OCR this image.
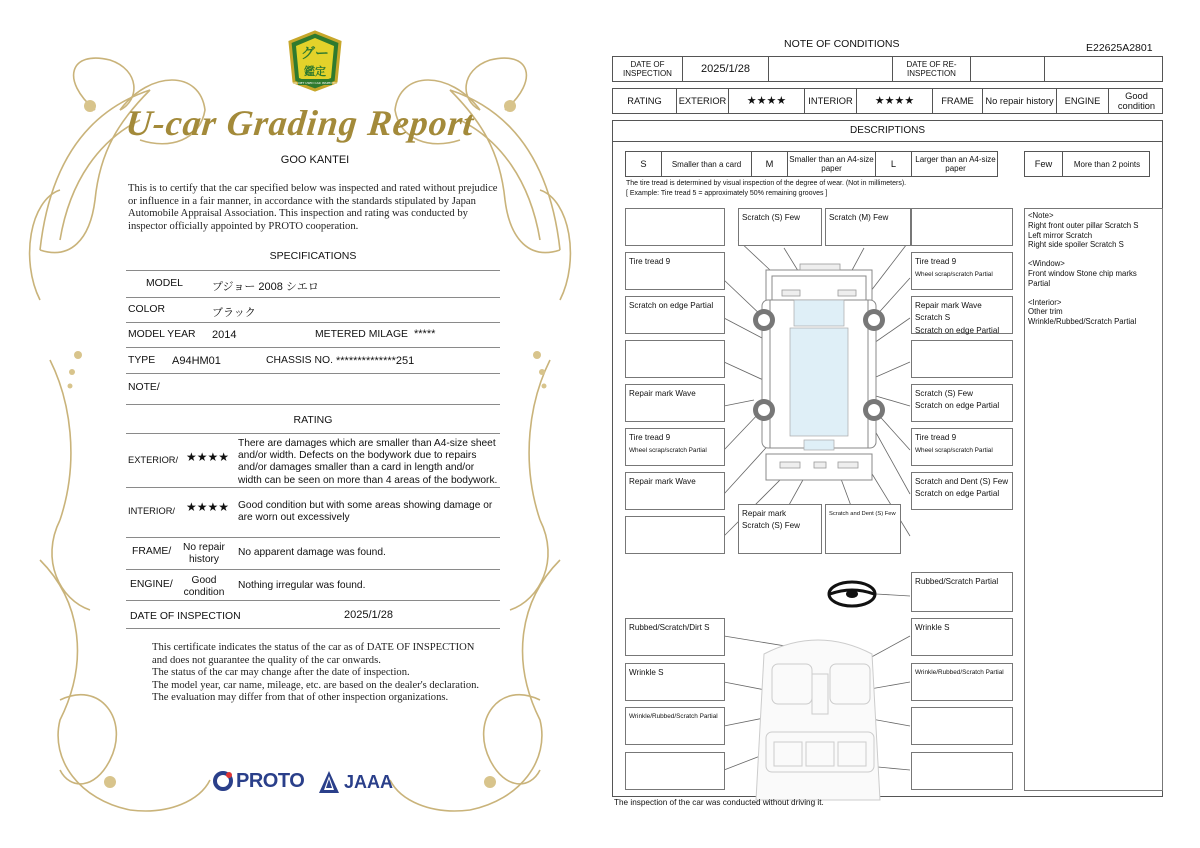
グー
鑑定
GOO-NET USED CAR INSPECTION
U-car Grading Report
GOO KANTEI
This is to certify that the car specified below was inspected and rated without prejudice or influence in a fair manner, in accordance with the standards stipulated by Japan Automobile Appraisal Association. This inspection and rating was conducted by inspector officially appointed by PROTO cooperation.
SPECIFICATIONS
MODEL	プジョー 2008 シエロ
COLOR	ブラック
MODEL YEAR 2014	METERED MILAGE *****
TYPE A94HM01	CHASSIS NO. **************251
NOTE/
RATING
EXTERIOR/ ★★★★
There are damages which are smaller than A4-size sheet and/or width. Defects on the bodywork due to repairs and/or damages smaller than a card in length and/or width can be seen on more than 4 areas of the bodywork.
INTERIOR/ ★★★★ Good condition but with some areas showing damage or are worn out excessively
FRAME/	No repair history
No apparent damage was found.
ENGINE/	Good condition
Nothing irregular was found.
DATE OF INSPECTION	2025/1/28
This certificate indicates the status of the car as of DATE OF INSPECTION and does not guarantee the quality of the car onwards.
The status of the car may change after the date of inspection.
The model year, car name, mileage, etc. are based on the dealer's declaration.
The evaluation may differ from that of other inspection organizations.
PROTO JAAA
NOTE OF CONDITIONS	E22625A2801
DATE OF INSPECTION	2025/1/28	DATE OF RE-INSPECTION
RATING	EXTERIOR	★★★★	INTERIOR	★★★★	FRAME	No repair history	ENGINE	Good condition
DESCRIPTIONS
S	Smaller than a card	M	Smaller than an A4-size paper	L	Larger than an A4-size paper	Few	More than 2 points
The tire tread is determined by visual inspection of the degree of wear. (Not in millimeters).
[ Example: Tire tread 5 = approximately 50% remaining grooves ]
Scratch (S) Few	Scratch (M) Few
Tire tread 9	Tire tread 9
Wheel scrap/scratch Partial
Scratch on edge Partial	Repair mark Wave
Scratch S
Scratch on edge Partial
Repair mark Wave	Scratch (S) Few
Scratch on edge Partial
Tire tread 9
Wheel scrap/scratch Partial
Tire tread 9
Wheel scrap/scratch Partial
Repair mark Wave	Scratch and Dent (S) Few
Scratch on edge Partial
Repair mark
Scratch (S) Few
Scratch and Dent (S) Few
Rubbed/Scratch Partial
Rubbed/Scratch/Dirt S	Wrinkle S
Wrinkle S	Wrinkle/Rubbed/Scratch Partial
Wrinkle/Rubbed/Scratch Partial

<Note>
Right front outer pillar Scratch S
Left mirror Scratch
Right side spoiler Scratch S

<Window>
Front window Stone chip marks Partial

<Interior>
Other trim
Wrinkle/Rubbed/Scratch Partial

The inspection of the car was conducted without driving it.
